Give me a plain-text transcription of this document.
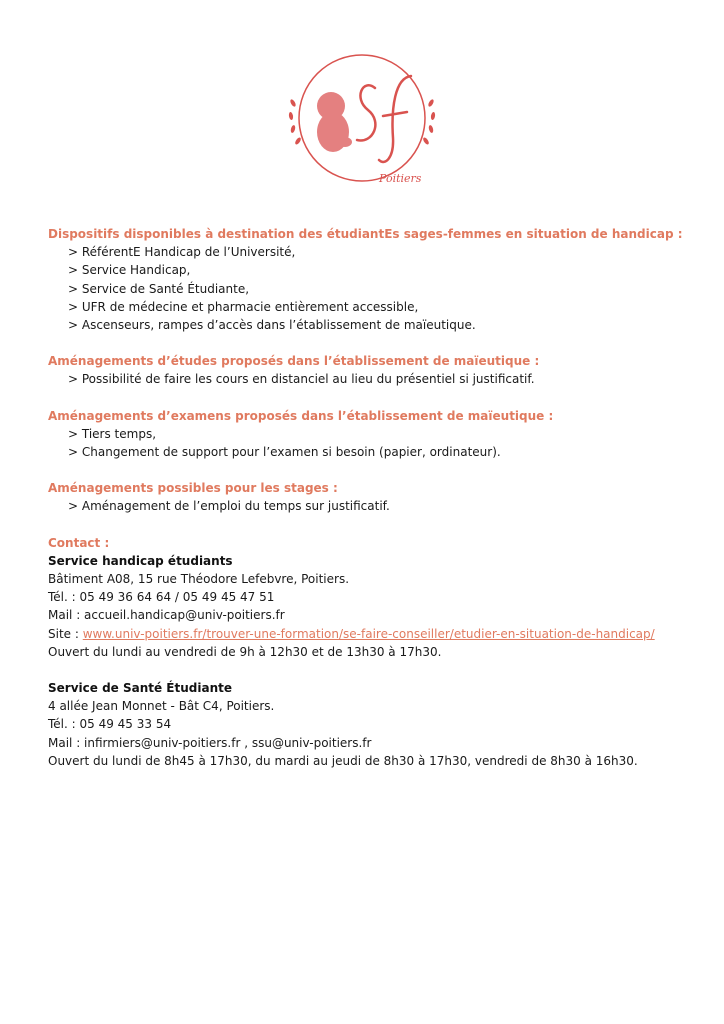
Poitiers

Dispositifs disponibles à destination des étudiantEs sages-femmes en situation de handicap :

> RéférentE Handicap de l’Université,
> Service Handicap,
> Service de Santé Étudiante,
> UFR de médecine et pharmacie entièrement accessible,
> Ascenseurs, rampes d’accès dans l’établissement de maïeutique.

Aménagements d’études proposés dans l’établissement de maïeutique :

> Possibilité de faire les cours en distanciel au lieu du présentiel si justificatif.

Aménagements d’examens proposés dans l’établissement de maïeutique :

> Tiers temps,
> Changement de support pour l’examen si besoin (papier, ordinateur).

Aménagements possibles pour les stages :

> Aménagement de l’emploi du temps sur justificatif.

Contact :

Service handicap étudiants

Bâtiment A08, 15 rue Théodore Lefebvre, Poitiers.

Tél. : 05 49 36 64 64 / 05 49 45 47 51

Mail : accueil.handicap@univ-poitiers.fr

Site : www.univ-poitiers.fr/trouver-une-formation/se-faire-conseiller/etudier-en-situation-de-handicap/

Ouvert du lundi au vendredi de 9h à 12h30 et de 13h30 à 17h30.

Service de Santé Étudiante

4 allée Jean Monnet - Bât C4, Poitiers.

Tél. : 05 49 45 33 54

Mail : infirmiers@univ-poitiers.fr , ssu@univ-poitiers.fr

Ouvert du lundi de 8h45 à 17h30, du mardi au jeudi de 8h30 à 17h30, vendredi de 8h30 à 16h30.
